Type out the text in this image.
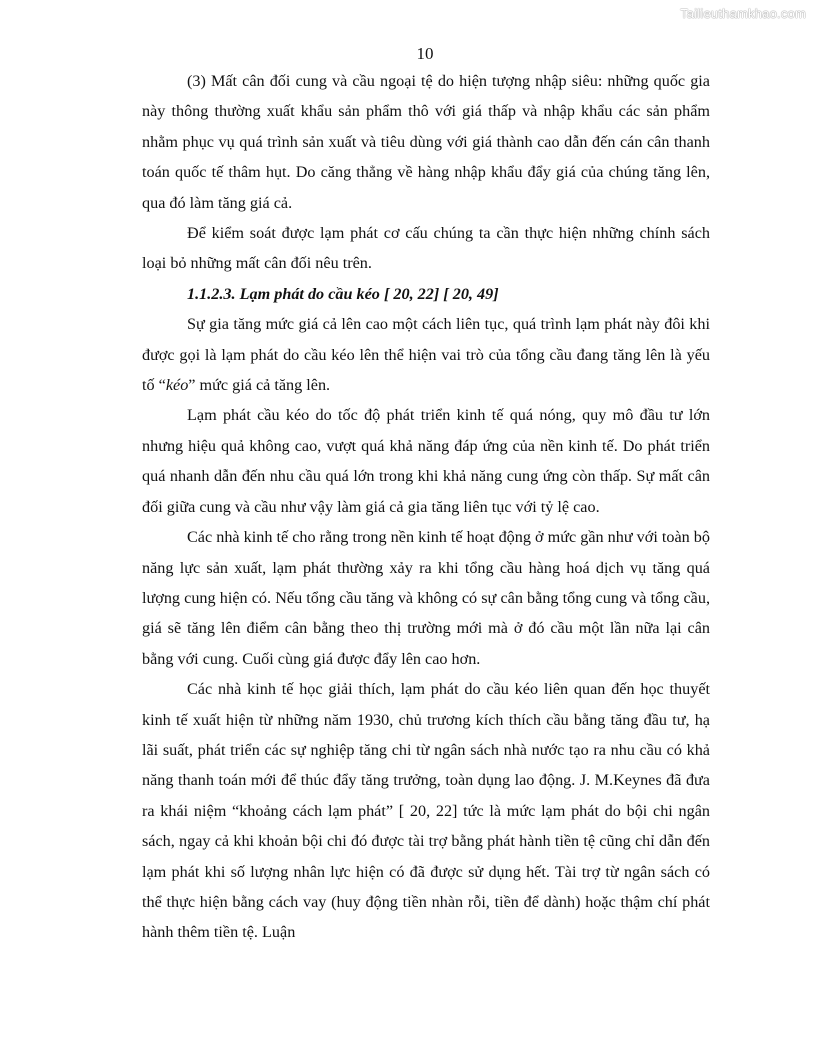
Tailieuthamkhao.com
10

(3) Mất cân đối cung và cầu ngoại tệ do hiện tượng nhập siêu: những quốc gia này thông thường xuất khẩu sản phẩm thô với giá thấp và nhập khẩu các sản phẩm nhằm phục vụ quá trình sản xuất và tiêu dùng với giá thành cao dẫn đến cán cân thanh toán quốc tế thâm hụt. Do căng thẳng về hàng nhập khẩu đẩy giá của chúng tăng lên, qua đó làm tăng giá cả.

Để kiểm soát được lạm phát cơ cấu chúng ta cần thực hiện những chính sách loại bỏ những mất cân đối nêu trên.

1.1.2.3. Lạm phát do cầu kéo [ 20, 22] [ 20, 49]

Sự gia tăng mức giá cả lên cao một cách liên tục, quá trình lạm phát này đôi khi được gọi là lạm phát do cầu kéo lên thể hiện vai trò của tổng cầu đang tăng lên là yếu tố “kéo” mức giá cả tăng lên.

Lạm phát cầu kéo do tốc độ phát triển kinh tế quá nóng, quy mô đầu tư lớn nhưng hiệu quả không cao, vượt quá khả năng đáp ứng của nền kinh tế. Do phát triển quá nhanh dẫn đến nhu cầu quá lớn trong khi khả năng cung ứng còn thấp. Sự mất cân đối giữa cung và cầu như vậy làm giá cả gia tăng liên tục với tỷ lệ cao.

Các nhà kinh tế cho rằng trong nền kinh tế hoạt động ở mức gần như với toàn bộ năng lực sản xuất, lạm phát thường xảy ra khi tổng cầu hàng hoá dịch vụ tăng quá lượng cung hiện có. Nếu tổng cầu tăng và không có sự cân bằng tổng cung và tổng cầu, giá sẽ tăng lên điểm cân bằng theo thị trường mới mà ở đó cầu một lần nữa lại cân bằng với cung. Cuối cùng giá được đẩy lên cao hơn.

Các nhà kinh tế học giải thích, lạm phát do cầu kéo liên quan đến học thuyết kinh tế xuất hiện từ những năm 1930, chủ trương kích thích cầu bằng tăng đầu tư, hạ lãi suất, phát triển các sự nghiệp tăng chi từ ngân sách nhà nước tạo ra nhu cầu có khả năng thanh toán mới để thúc đẩy tăng trưởng, toàn dụng lao động. J. M.Keynes đã đưa ra khái niệm “khoảng cách lạm phát” [ 20, 22] tức là mức lạm phát do bội chi ngân sách, ngay cả khi khoản bội chi đó được tài trợ bằng phát hành tiền tệ cũng chỉ dẫn đến lạm phát khi số lượng nhân lực hiện có đã được sử dụng hết. Tài trợ từ ngân sách có thể thực hiện bằng cách vay (huy động tiền nhàn rỗi, tiền để dành) hoặc thậm chí phát hành thêm tiền tệ. Luận
